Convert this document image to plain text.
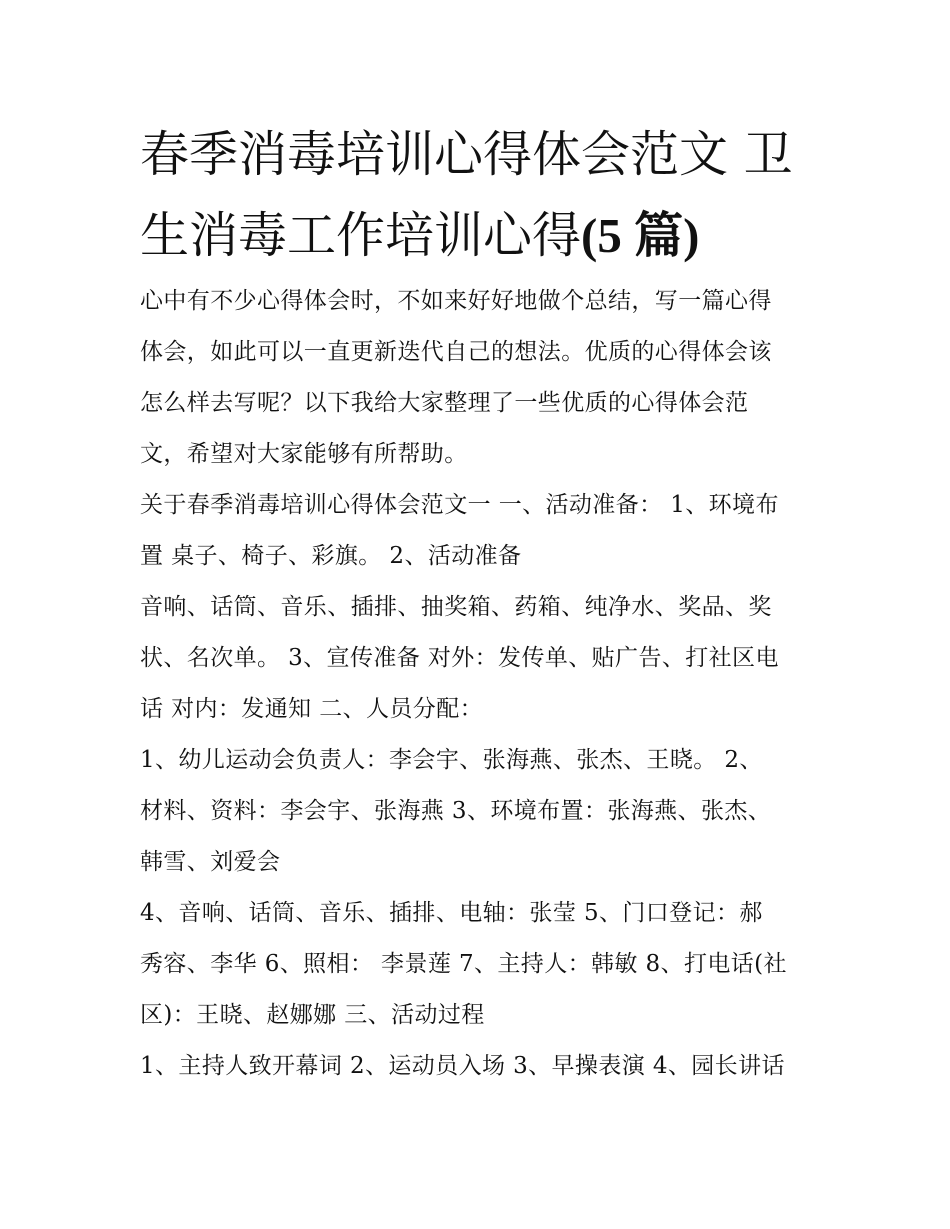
春季消毒培训心得体会范文 卫
生消毒工作培训心得(5 篇)

心中有不少心得体会时，不如来好好地做个总结，写一篇心得
体会，如此可以一直更新迭代自己的想法。优质的心得体会该
怎么样去写呢？以下我给大家整理了一些优质的心得体会范
文，希望对大家能够有所帮助。

关于春季消毒培训心得体会范文一 一、活动准备： 1、环境布
置 桌子、椅子、彩旗。 2、活动准备

音响、话筒、音乐、插排、抽奖箱、药箱、纯净水、奖品、奖
状、名次单。 3、宣传准备 对外：发传单、贴广告、打社区电
话 对内：发通知 二、人员分配：

1、幼儿运动会负责人：李会宇、张海燕、张杰、王晓。 2、
材料、资料：李会宇、张海燕 3、环境布置：张海燕、张杰、
韩雪、刘爱会

4、音响、话筒、音乐、插排、电轴：张莹 5、门口登记：郝
秀容、李华 6、照相： 李景莲 7、主持人：韩敏 8、打电话(社
区)：王晓、赵娜娜 三、活动过程

1、主持人致开幕词 2、运动员入场 3、早操表演 4、园长讲话
